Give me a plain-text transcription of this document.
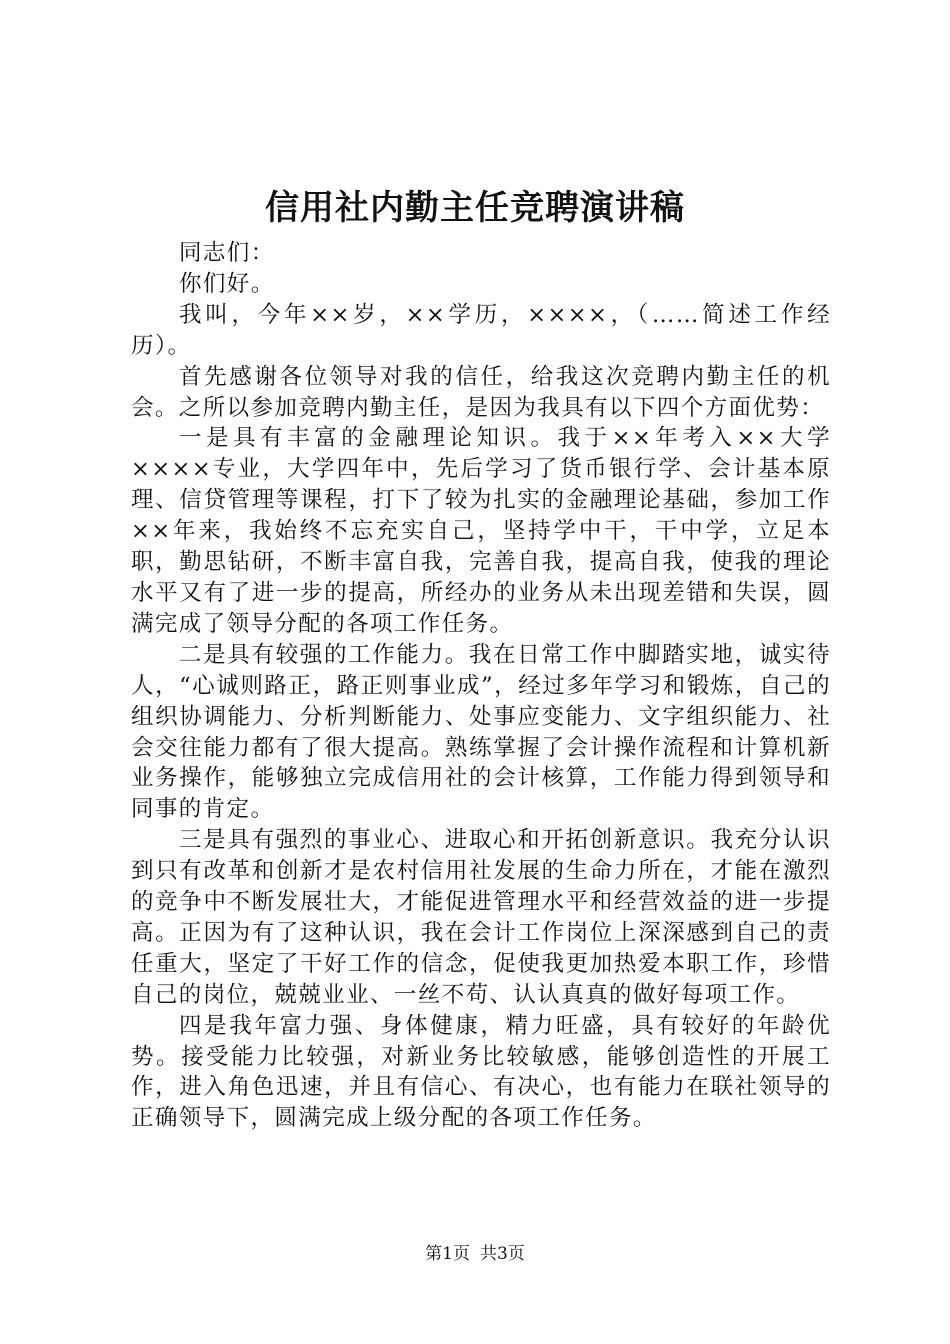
信用社内勤主任竞聘演讲稿

同志们：

你们好。

我叫，今年××岁，××学历，××××，（……简述工作经历）。

首先感谢各位领导对我的信任，给我这次竞聘内勤主任的机会。之所以参加竞聘内勤主任，是因为我具有以下四个方面优势：

一是具有丰富的金融理论知识。我于××年考入××大学××××专业，大学四年中，先后学习了货币银行学、会计基本原理、信贷管理等课程，打下了较为扎实的金融理论基础，参加工作××年来，我始终不忘充实自己，坚持学中干，干中学，立足本职，勤思钻研，不断丰富自我，完善自我，提高自我，使我的理论水平又有了进一步的提高，所经办的业务从未出现差错和失误，圆满完成了领导分配的各项工作任务。

二是具有较强的工作能力。我在日常工作中脚踏实地，诚实待人，“心诚则路正，路正则事业成”，经过多年学习和锻炼，自己的组织协调能力、分析判断能力、处事应变能力、文字组织能力、社会交往能力都有了很大提高。熟练掌握了会计操作流程和计算机新业务操作，能够独立完成信用社的会计核算，工作能力得到领导和同事的肯定。

三是具有强烈的事业心、进取心和开拓创新意识。我充分认识到只有改革和创新才是农村信用社发展的生命力所在，才能在激烈的竞争中不断发展壮大，才能促进管理水平和经营效益的进一步提高。正因为有了这种认识，我在会计工作岗位上深深感到自己的责任重大，坚定了干好工作的信念，促使我更加热爱本职工作，珍惜自己的岗位，兢兢业业、一丝不苟、认认真真的做好每项工作。

四是我年富力强、身体健康，精力旺盛，具有较好的年龄优势。接受能力比较强，对新业务比较敏感，能够创造性的开展工作，进入角色迅速，并且有信心、有决心，也有能力在联社领导的正确领导下，圆满完成上级分配的各项工作任务。

第1页 共3页
